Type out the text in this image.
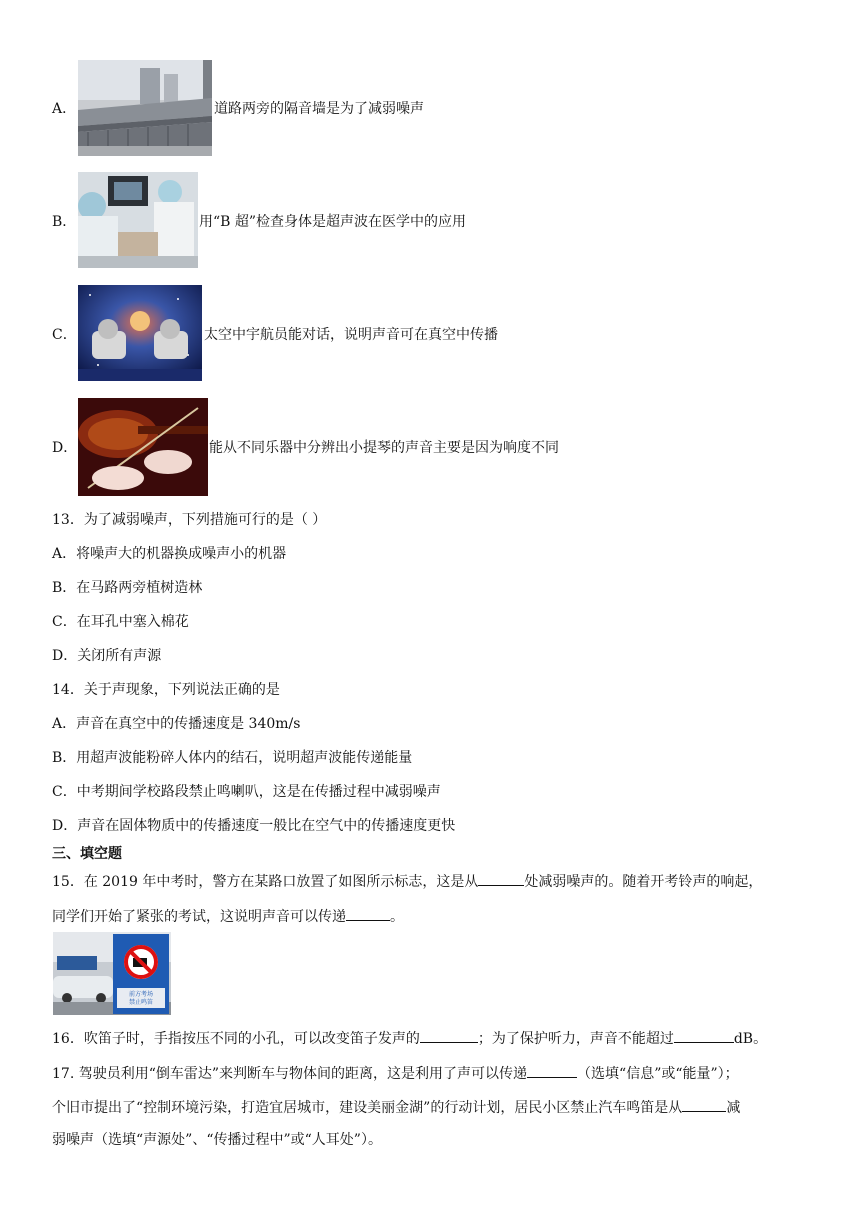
A．	道路两旁的隔音墙是为了减弱噪声
B．	用“B 超”检查身体是超声波在医学中的应用
C．	太空中宇航员能对话，说明声音可在真空中传播
D．	能从不同乐器中分辨出小提琴的声音主要是因为响度不同
13．为了减弱噪声，下列措施可行的是（ ）
A．将噪声大的机器换成噪声小的机器
B．在马路两旁植树造林
C．在耳孔中塞入棉花
D．关闭所有声源
14．关于声现象，下列说法正确的是
A．声音在真空中的传播速度是 340m/s
B．用超声波能粉碎人体内的结石，说明超声波能传递能量
C．中考期间学校路段禁止鸣喇叭，这是在传播过程中减弱噪声
D．声音在固体物质中的传播速度一般比在空气中的传播速度更快
三、填空题
15．在 2019 年中考时，警方在某路口放置了如图所示标志，这是从	处减弱噪声的。随着开考铃声的响起，
同学们开始了紧张的考试，这说明声音可以传递	。
前方考场
禁止鸣笛
16．吹笛子时，手指按压不同的小孔，可以改变笛子发声的	；为了保护听力，声音不能超过	dB。
17. 驾驶员利用“倒车雷达”来判断车与物体间的距离，这是利用了声可以传递	（选填“信息”或“能量”）；
个旧市提出了“控制环境污染，打造宜居城市，建设美丽金湖”的行动计划，居民小区禁止汽车鸣笛是从	减
弱噪声（选填“声源处”、“传播过程中”或“人耳处”）。
